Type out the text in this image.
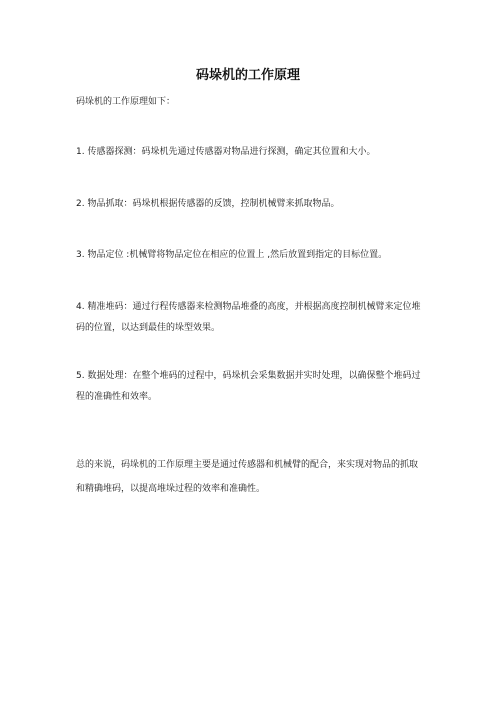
码垛机的工作原理

码垛机的工作原理如下：

1. 传感器探测：码垛机先通过传感器对物品进行探测，确定其位置和大小。

2. 物品抓取：码垛机根据传感器的反馈，控制机械臂来抓取物品。

3. 物品定位 :机械臂将物品定位在相应的位置上 ,然后放置到指定的目标位置。

4. 精准堆码：通过行程传感器来检测物品堆叠的高度，并根据高度控制机械臂来定位堆码的位置，以达到最佳的垛型效果。

5. 数据处理：在整个堆码的过程中，码垛机会采集数据并实时处理，以确保整个堆码过程的准确性和效率。

总的来说，码垛机的工作原理主要是通过传感器和机械臂的配合，来实现对物品的抓取和精确堆码，以提高堆垛过程的效率和准确性。
